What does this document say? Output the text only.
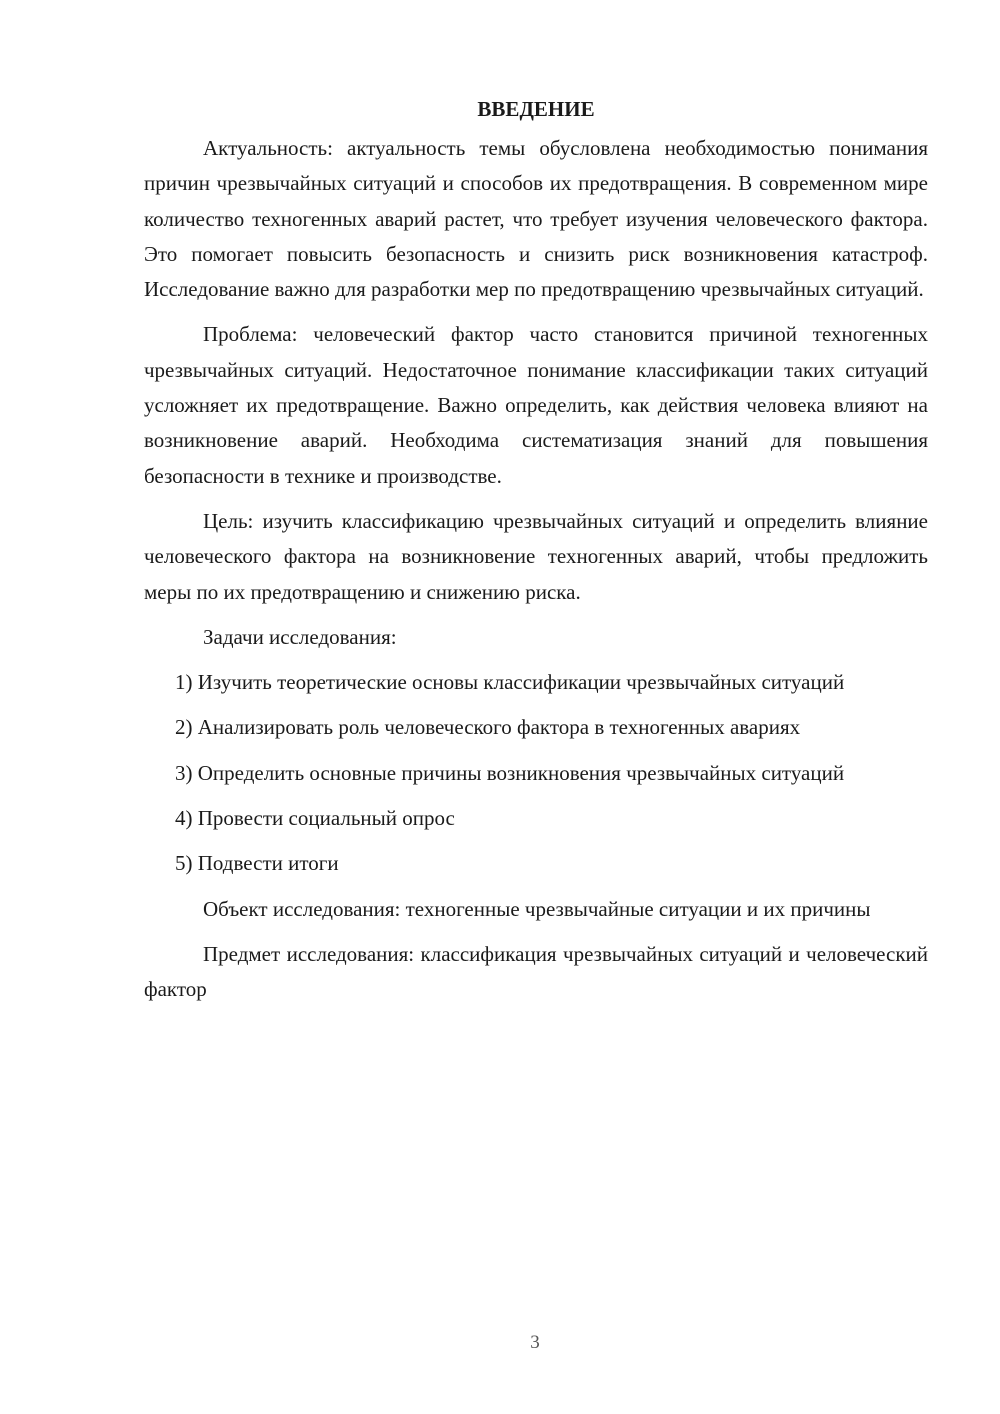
ВВЕДЕНИЕ

Актуальность: актуальность темы обусловлена необходимостью понимания причин чрезвычайных ситуаций и способов их предотвращения. В современном мире количество техногенных аварий растет, что требует изучения человеческого фактора. Это помогает повысить безопасность и снизить риск возникновения катастроф. Исследование важно для разработки мер по предотвращению чрезвычайных ситуаций.

Проблема: человеческий фактор часто становится причиной техногенных чрезвычайных ситуаций. Недостаточное понимание классификации таких ситуаций усложняет их предотвращение. Важно определить, как действия человека влияют на возникновение аварий. Необходима систематизация знаний для повышения безопасности в технике и производстве.

Цель: изучить классификацию чрезвычайных ситуаций и определить влияние человеческого фактора на возникновение техногенных аварий, чтобы предложить меры по их предотвращению и снижению риска.

Задачи исследования:

1) Изучить теоретические основы классификации чрезвычайных ситуаций

2) Анализировать роль человеческого фактора в техногенных авариях

3) Определить основные причины возникновения чрезвычайных ситуаций

4) Провести социальный опрос

5) Подвести итоги

Объект исследования: техногенные чрезвычайные ситуации и их причины

Предмет исследования: классификация чрезвычайных ситуаций и человеческий фактор

3
